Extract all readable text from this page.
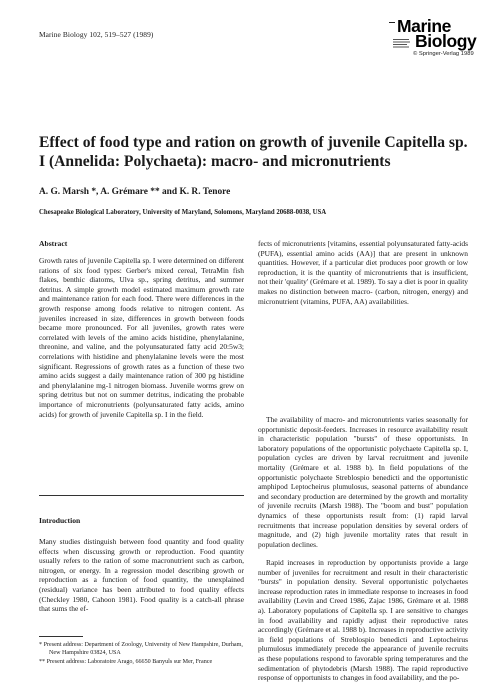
Marine Biology 102, 519–527 (1989)	Marine
Biology
© Springer-Verlag 1989
Effect of food type and ration on growth of juvenile Capitella sp. I (Annelida: Polychaeta): macro- and micronutrients
A. G. Marsh *, A. Grémare ** and K. R. Tenore
Chesapeake Biological Laboratory, University of Maryland, Solomons, Maryland 20688-0038, USA
Abstract

Growth rates of juvenile Capitella sp. I were determined on different rations of six food types: Gerber's mixed cereal, TetraMin fish flakes, benthic diatoms, Ulva sp., spring detritus, and summer detritus. A simple growth model estimated maximum growth rate and maintenance ration for each food. There were differences in the growth response among foods relative to nitrogen content. As juveniles increased in size, differences in growth between foods became more pronounced. For all juveniles, growth rates were correlated with levels of the amino acids histidine, phenylalanine, threonine, and valine, and the polyunsaturated fatty acid 20:5w3; correlations with histidine and phenylalanine levels were the most significant. Regressions of growth rates as a function of these two amino acids suggest a daily maintenance ration of 300 pg histidine and phenylalanine mg-1 nitrogen biomass. Juvenile worms grew on spring detritus but not on summer detritus, indicating the probable importance of micronutrients (polyunsaturated fatty acids, amino acids) for growth of juvenile Capitella sp. I in the field.

Introduction

Many studies distinguish between food quantity and food quality effects when discussing growth or reproduction. Food quantity usually refers to the ration of some macronutrient such as carbon, nitrogen, or energy. In a regression model describing growth or reproduction as a function of food quantity, the unexplained (residual) variance has been attributed to food quality effects (Checkley 1980, Cahoon 1981). Food quality is a catch-all phrase that sums the ef-

* Present address: Department of Zoology, University of New Hampshire, Durham, New Hampshire 03824, USA

** Present address: Laboratoire Arago, 66650 Banyuls sur Mer, France

fects of micronutrients [vitamins, essential polyunsaturated fatty-acids (PUFA), essential amino acids (AA)] that are present in unknown quantities. However, if a particular diet produces poor growth or low reproduction, it is the quantity of micronutrients that is insufficient, not their 'quality' (Grémare et al. 1989). To say a diet is poor in quality makes no distinction between macro- (carbon, nitrogen, energy) and micronutrient (vitamins, PUFA, AA) availabilities.

The availability of macro- and micronutrients varies seasonally for opportunistic deposit-feeders. Increases in resource availability result in characteristic population "bursts" of these opportunists. In laboratory populations of the opportunistic polychaete Capitella sp. I, population cycles are driven by larval recruitment and juvenile mortality (Grémare et al. 1988 b). In field populations of the opportunistic polychaete Streblospio benedicti and the opportunistic amphipod Leptocheirus plumulosus, seasonal patterns of abundance and secondary production are determined by the growth and mortality of juvenile recruits (Marsh 1988). The "boom and bust" population dynamics of these opportunists result from: (1) rapid larval recruitments that increase population densities by several orders of magnitude, and (2) high juvenile mortality rates that result in population declines.

Rapid increases in reproduction by opportunists provide a large number of juveniles for recruitment and result in their characteristic "bursts" in population density. Several opportunistic polychaetes increase reproduction rates in immediate response to increases in food availability (Levin and Creed 1986, Zajac 1986, Grémare et al. 1988 a). Laboratory populations of Capitella sp. I are sensitive to changes in food availability and rapidly adjust their reproductive rates accordingly (Grémare et al. 1988 b). Increases in reproductive activity in field populations of Streblospio benedicti and Leptocheirus plumulosus immediately precede the appearance of juvenile recruits as these populations respond to favorable spring temperatures and the sedimentation of phytodebris (Marsh 1988). The rapid reproductive response of opportunists to changes in food availability, and the po-
